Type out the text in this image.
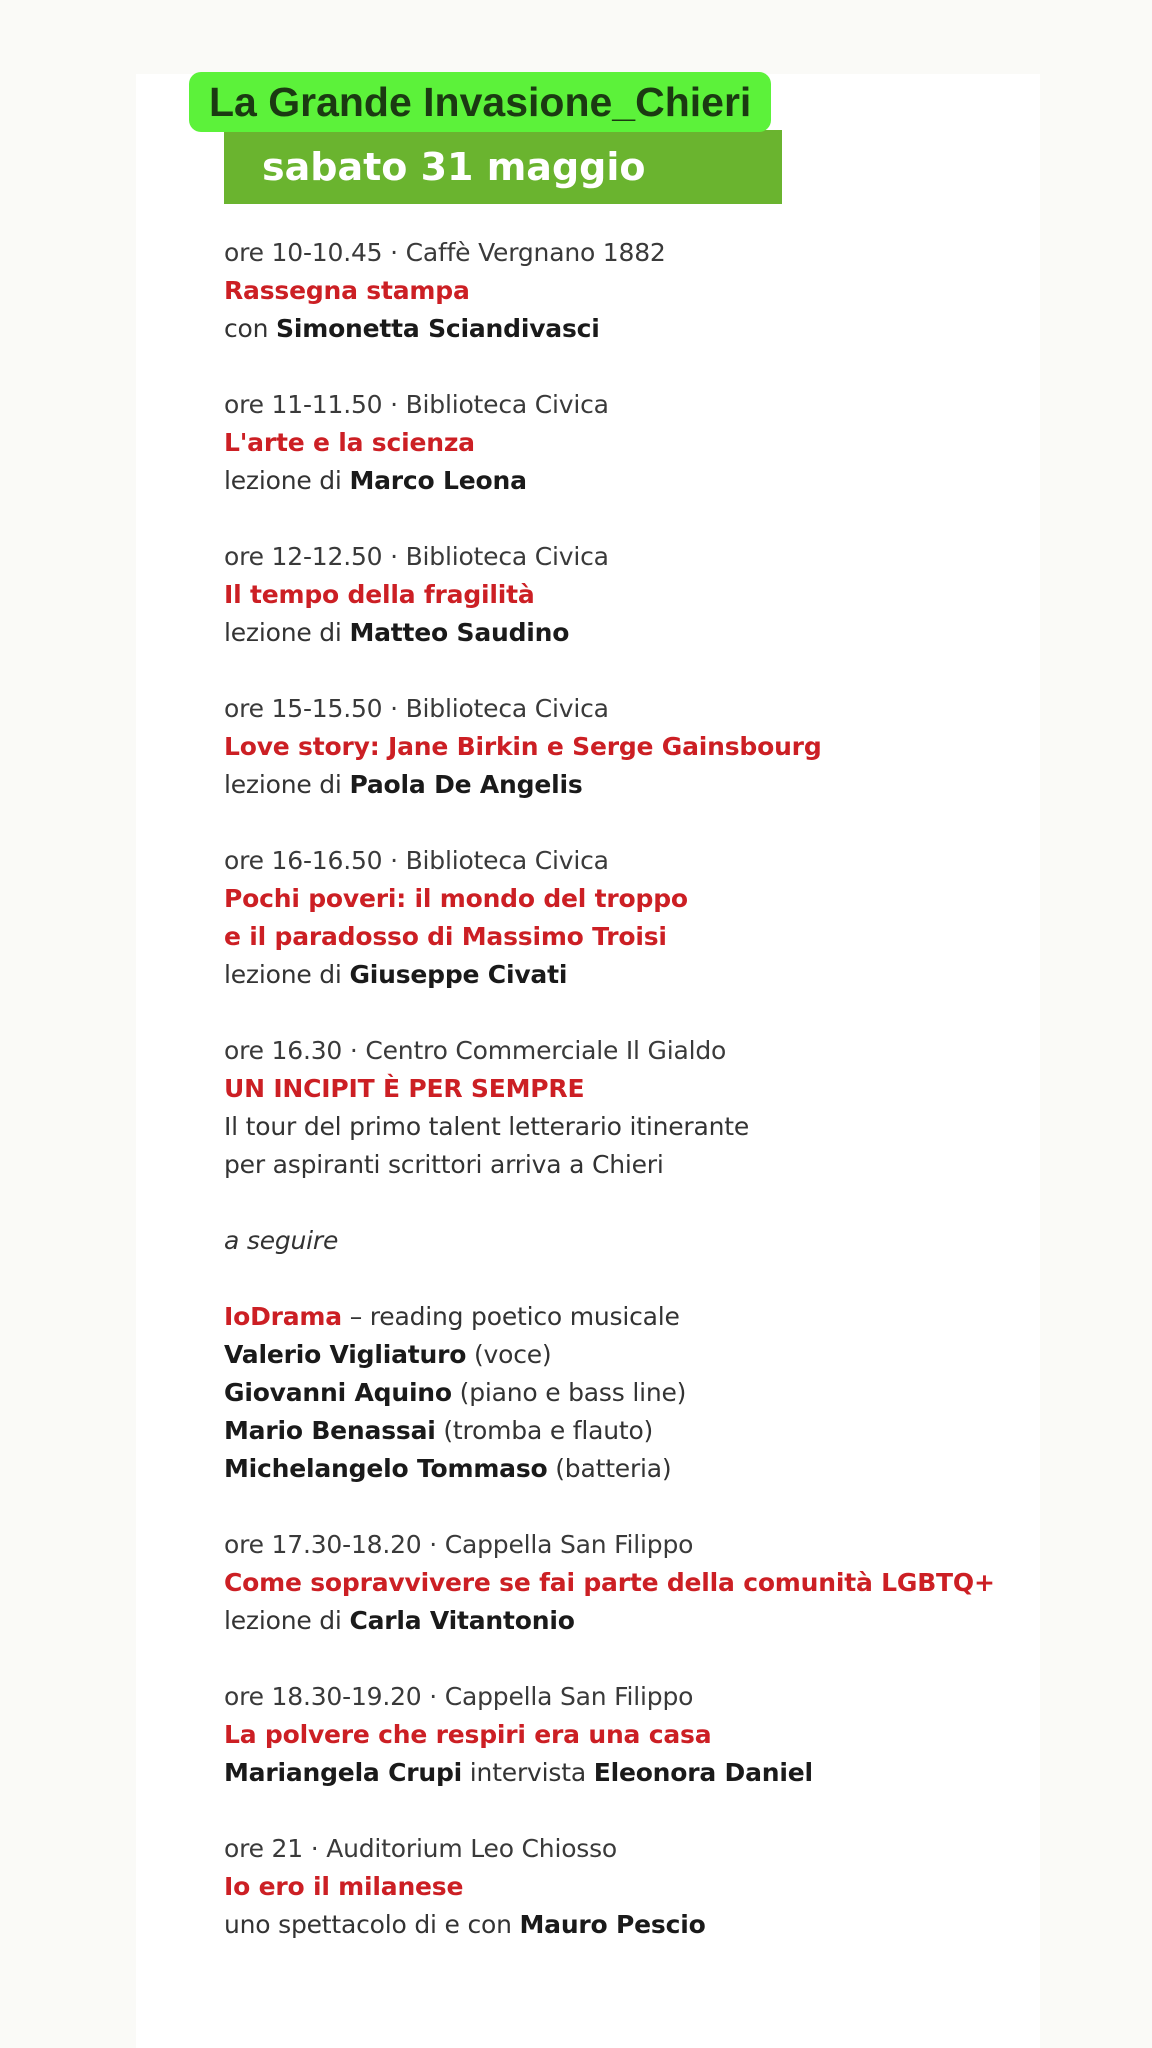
La Grande Invasione_Chieri
sabato 31 maggio
ore 10-10.45 · Caffè Vergnano 1882
Rassegna stampa
con Simonetta Sciandivasci
ore 11-11.50 · Biblioteca Civica
L'arte e la scienza
lezione di Marco Leona
ore 12-12.50 · Biblioteca Civica
Il tempo della fragilità
lezione di Matteo Saudino
ore 15-15.50 · Biblioteca Civica
Love story: Jane Birkin e Serge Gainsbourg
lezione di Paola De Angelis
ore 16-16.50 · Biblioteca Civica
Pochi poveri: il mondo del troppo
e il paradosso di Massimo Troisi
lezione di Giuseppe Civati
ore 16.30 · Centro Commerciale Il Gialdo
UN INCIPIT È PER SEMPRE
Il tour del primo talent letterario itinerante
per aspiranti scrittori arriva a Chieri
a seguire
IoDrama – reading poetico musicale
Valerio Vigliaturo (voce)
Giovanni Aquino (piano e bass line)
Mario Benassai (tromba e flauto)
Michelangelo Tommaso (batteria)
ore 17.30-18.20 · Cappella San Filippo
Come sopravvivere se fai parte della comunità LGBTQ+
lezione di Carla Vitantonio
ore 18.30-19.20 · Cappella San Filippo
La polvere che respiri era una casa
Mariangela Crupi intervista Eleonora Daniel
ore 21 · Auditorium Leo Chiosso
Io ero il milanese
uno spettacolo di e con Mauro Pescio
